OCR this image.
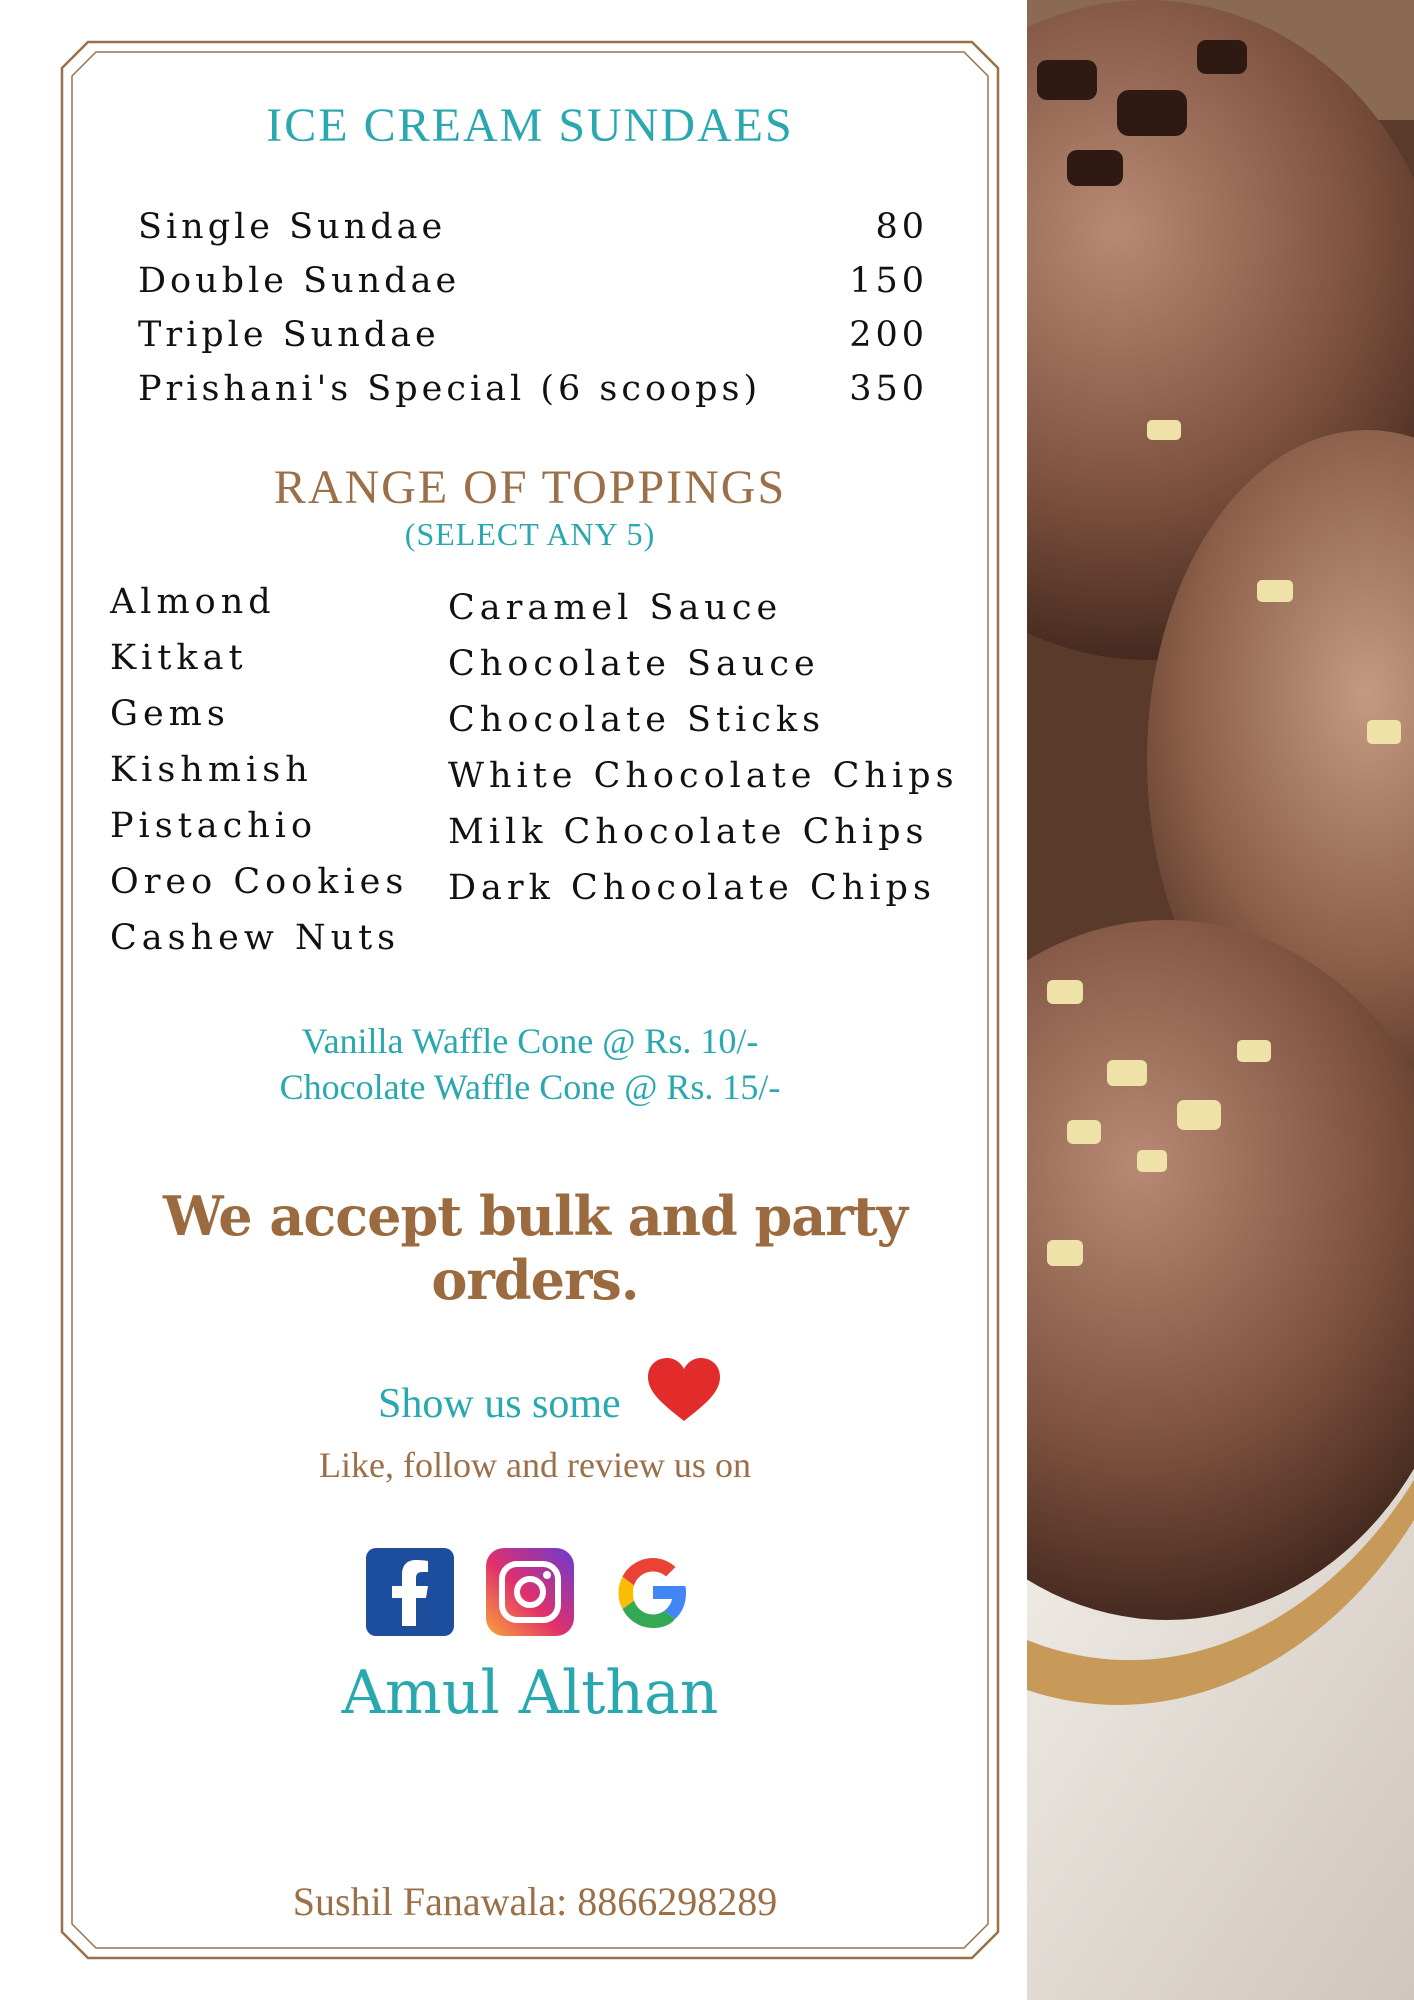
ICE CREAM SUNDAES
Single Sundae	80
Double Sundae	150
Triple Sundae	200
Prishani's Special (6 scoops)	350
RANGE OF TOPPINGS
(SELECT ANY 5)
Almond
Kitkat
Gems
Kishmish
Pistachio
Oreo Cookies
Cashew Nuts
Caramel Sauce
Chocolate Sauce
Chocolate Sticks
White Chocolate Chips
Milk Chocolate Chips
Dark Chocolate Chips
Vanilla Waffle Cone @ Rs. 10/-
Chocolate Waffle Cone @ Rs. 15/-
We accept bulk and party orders.
Show us some
Like, follow and review us on
Amul Althan
Sushil Fanawala: 8866298289
